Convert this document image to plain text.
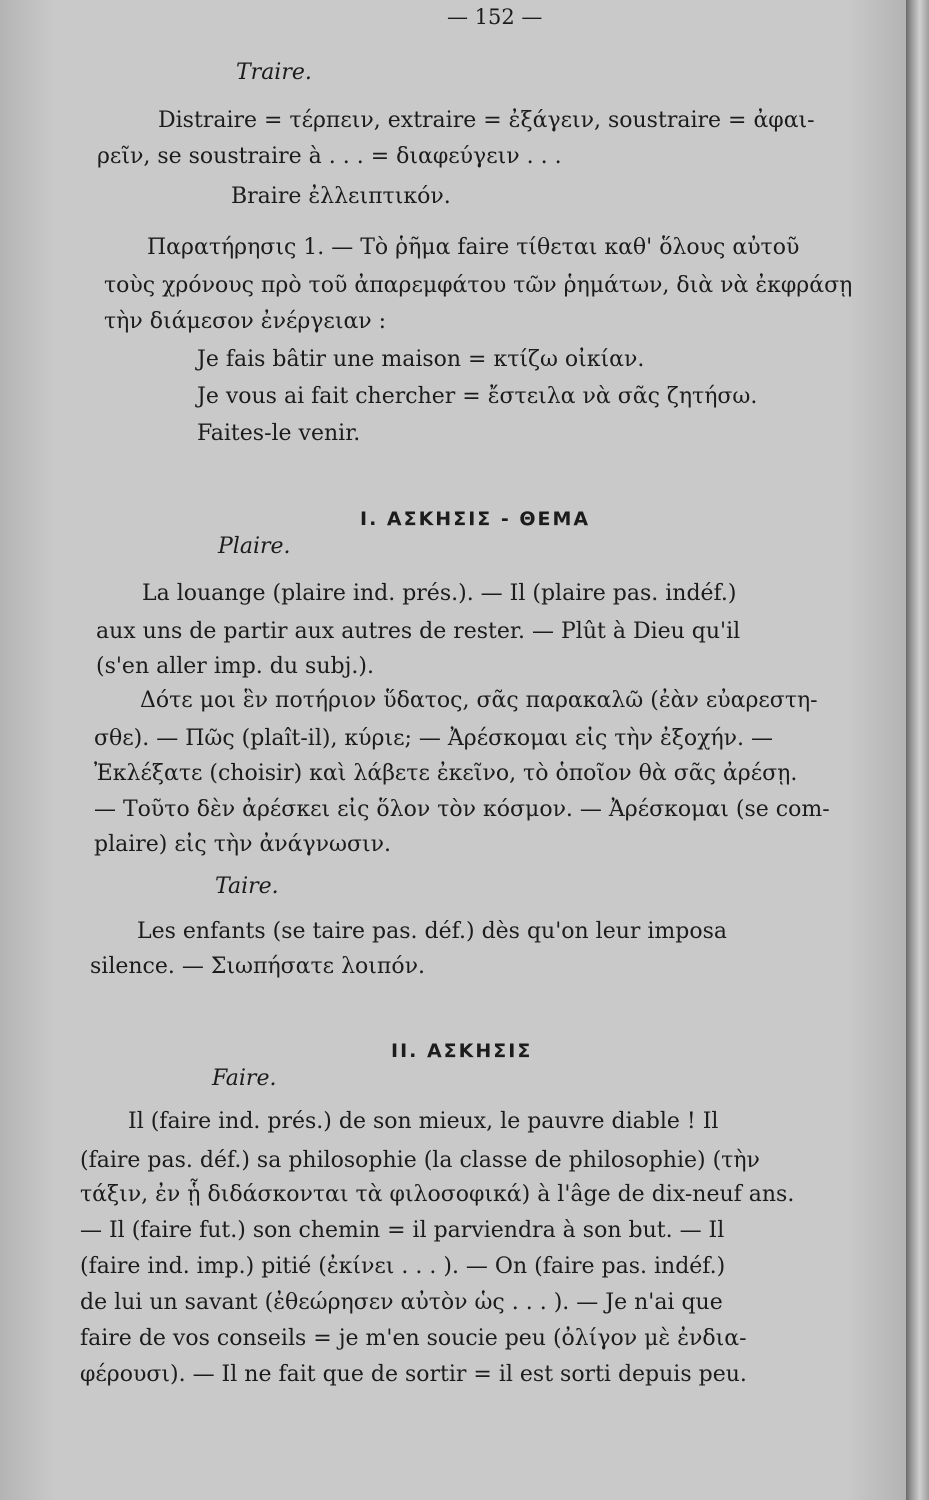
— 152 —
Traire.
Distraire = τέρπειν, extraire = ἐξάγειν, soustraire = ἀφαι-
ρεῖν, se soustraire à . . . = διαφεύγειν . . .
Braire ἐλλειπτικόν.
Παρατήρησις 1. — Τὸ ῥῆμα faire τίθεται καθ' ὅλους αὐτοῦ
τοὺς χρόνους πρὸ τοῦ ἀπαρεμφάτου τῶν ῥημάτων, διὰ νὰ ἐκφράσῃ
τὴν διάμεσον ἐνέργειαν :
Je fais bâtir une maison = κτίζω οἰκίαν.
Je vous ai fait chercher = ἔστειλα νὰ σᾶς ζητήσω.
Faites-le venir.
I. ΑΣΚΗΣΙΣ - ΘΕΜΑ
Plaire.
La louange (plaire ind. prés.). — Il (plaire pas. indéf.)
aux uns de partir aux autres de rester. — Plût à Dieu qu'il
(s'en aller imp. du subj.).
Δότε μοι ἓν ποτήριον ὕδατος, σᾶς παρακαλῶ (ἐὰν εὐαρεστη-
σθε). — Πῶς (plaît-il), κύριε; — Ἀρέσκομαι εἰς τὴν ἐξοχήν. —
Ἐκλέξατε (choisir) καὶ λάβετε ἐκεῖνο, τὸ ὁποῖον θὰ σᾶς ἀρέσῃ.
— Τοῦτο δὲν ἀρέσκει εἰς ὅλον τὸν κόσμον. — Ἀρέσκομαι (se com-
plaire) εἰς τὴν ἀνάγνωσιν.
Taire.
Les enfants (se taire pas. déf.) dès qu'on leur imposa
silence. — Σιωπήσατε λοιπόν.
II. ΑΣΚΗΣΙΣ
Faire.
Il (faire ind. prés.) de son mieux, le pauvre diable ! Il
(faire pas. déf.) sa philosophie (la classe de philosophie) (τὴν
τάξιν, ἐν ᾗ διδάσκονται τὰ φιλοσοφικά) à l'âge de dix-neuf ans.
— Il (faire fut.) son chemin = il parviendra à son but. — Il
(faire ind. imp.) pitié (ἐκίνει . . . ). — On (faire pas. indéf.)
de lui un savant (ἐθεώρησεν αὐτὸν ὡς . . . ). — Je n'ai que
faire de vos conseils = je m'en soucie peu (ὀλίγον μὲ ἐνδια-
φέρουσι). — Il ne fait que de sortir = il est sorti depuis peu.
